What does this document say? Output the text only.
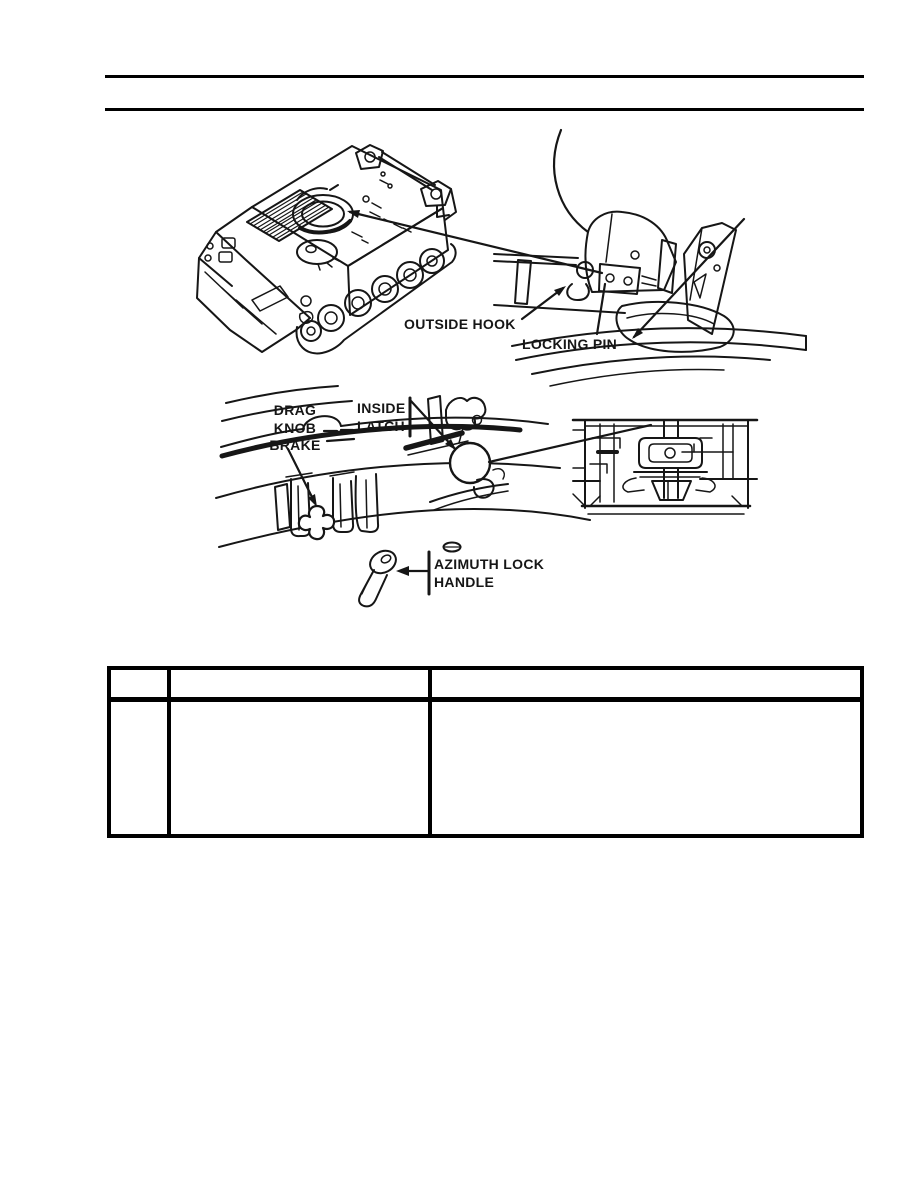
OUTSIDE HOOK
LOCKING PIN
DRAG
KNOB
BRAKE
INSIDE
LATCH
AZIMUTH LOCK
HANDLE
